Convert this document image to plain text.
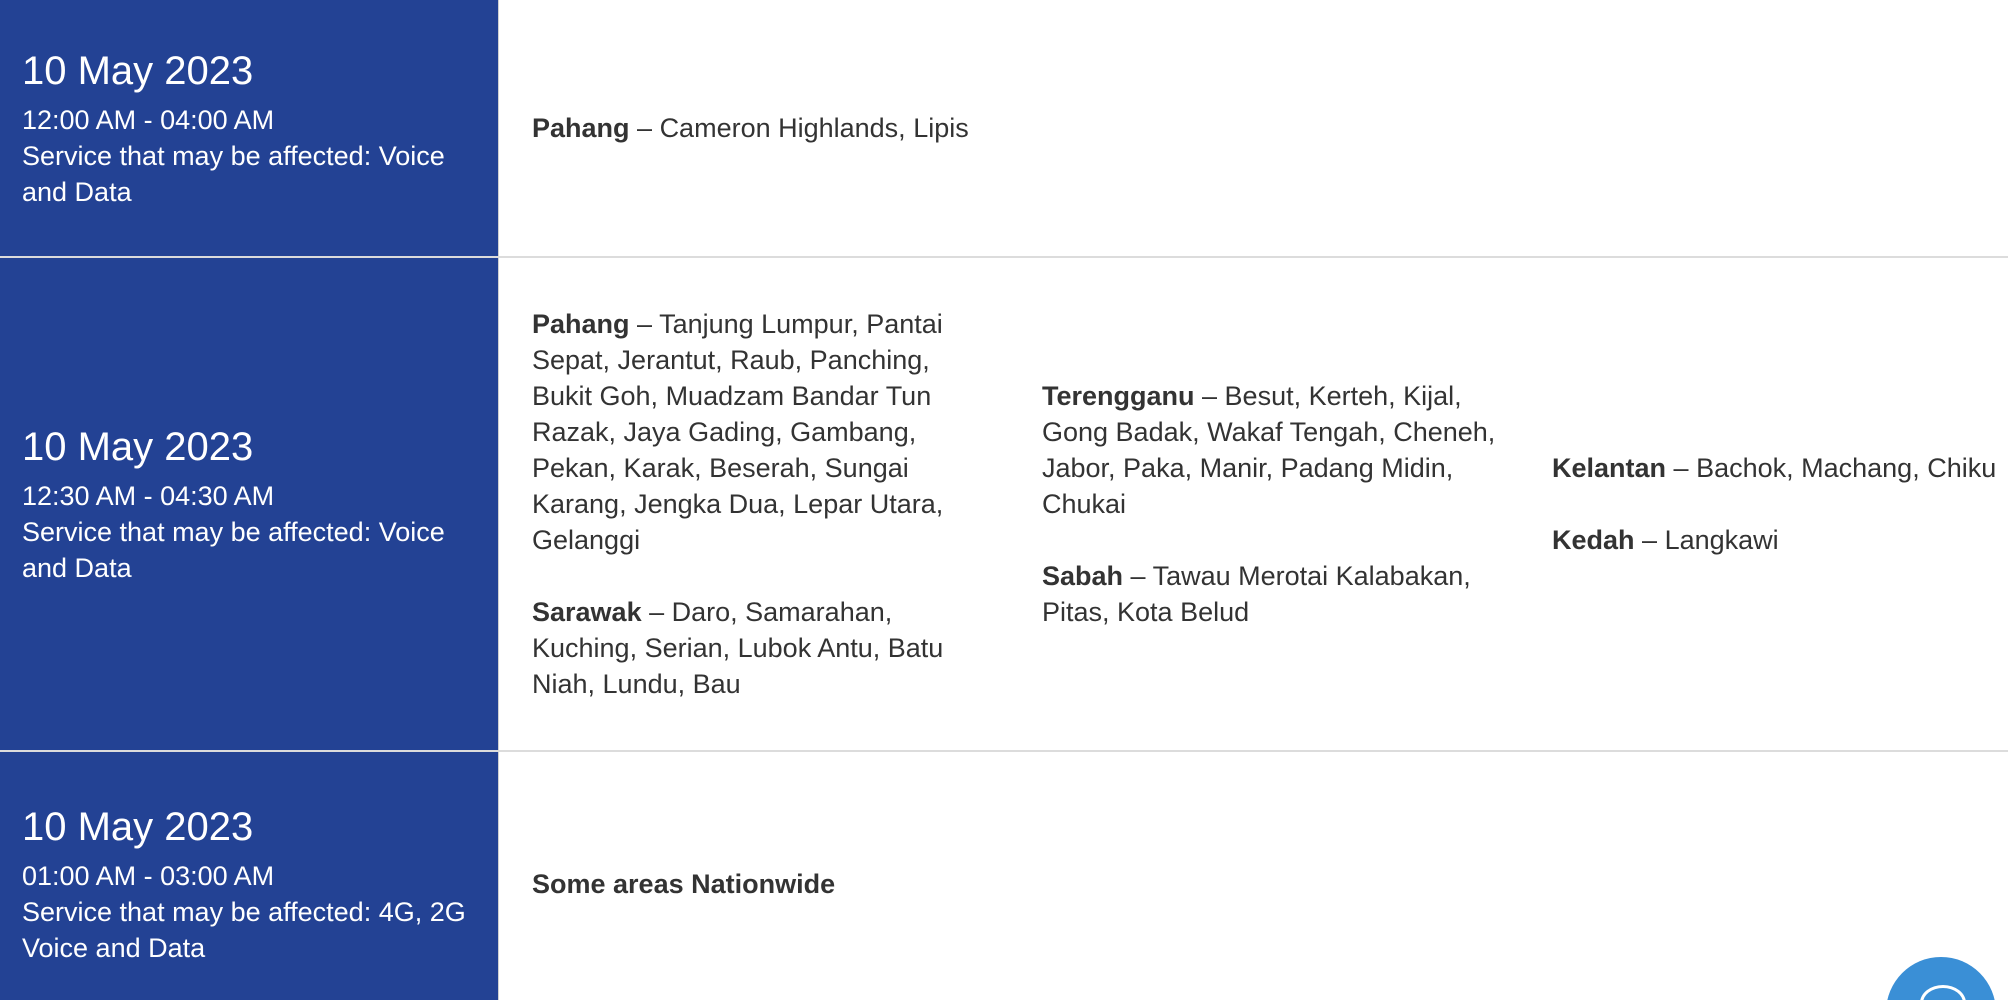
10 May 2023
12:00 AM - 04:00 AM
Service that may be affected: Voice and Data

Pahang – Cameron Highlands, Lipis

10 May 2023
12:30 AM - 04:30 AM
Service that may be affected: Voice and Data

Pahang – Tanjung Lumpur, Pantai Sepat, Jerantut, Raub, Panching, Bukit Goh, Muadzam Bandar Tun Razak, Jaya Gading, Gambang, Pekan, Karak, Beserah, Sungai Karang, Jengka Dua, Lepar Utara, Gelanggi

Sarawak – Daro, Samarahan, Kuching, Serian, Lubok Antu, Batu Niah, Lundu, Bau

Terengganu – Besut, Kerteh, Kijal, Gong Badak, Wakaf Tengah, Cheneh, Jabor, Paka, Manir, Padang Midin, Chukai

Sabah – Tawau Merotai Kalabakan, Pitas, Kota Belud

Kelantan – Bachok, Machang, Chiku

Kedah – Langkawi

10 May 2023
01:00 AM - 03:00 AM
Service that may be affected: 4G, 2G Voice and Data
Some areas Nationwide
